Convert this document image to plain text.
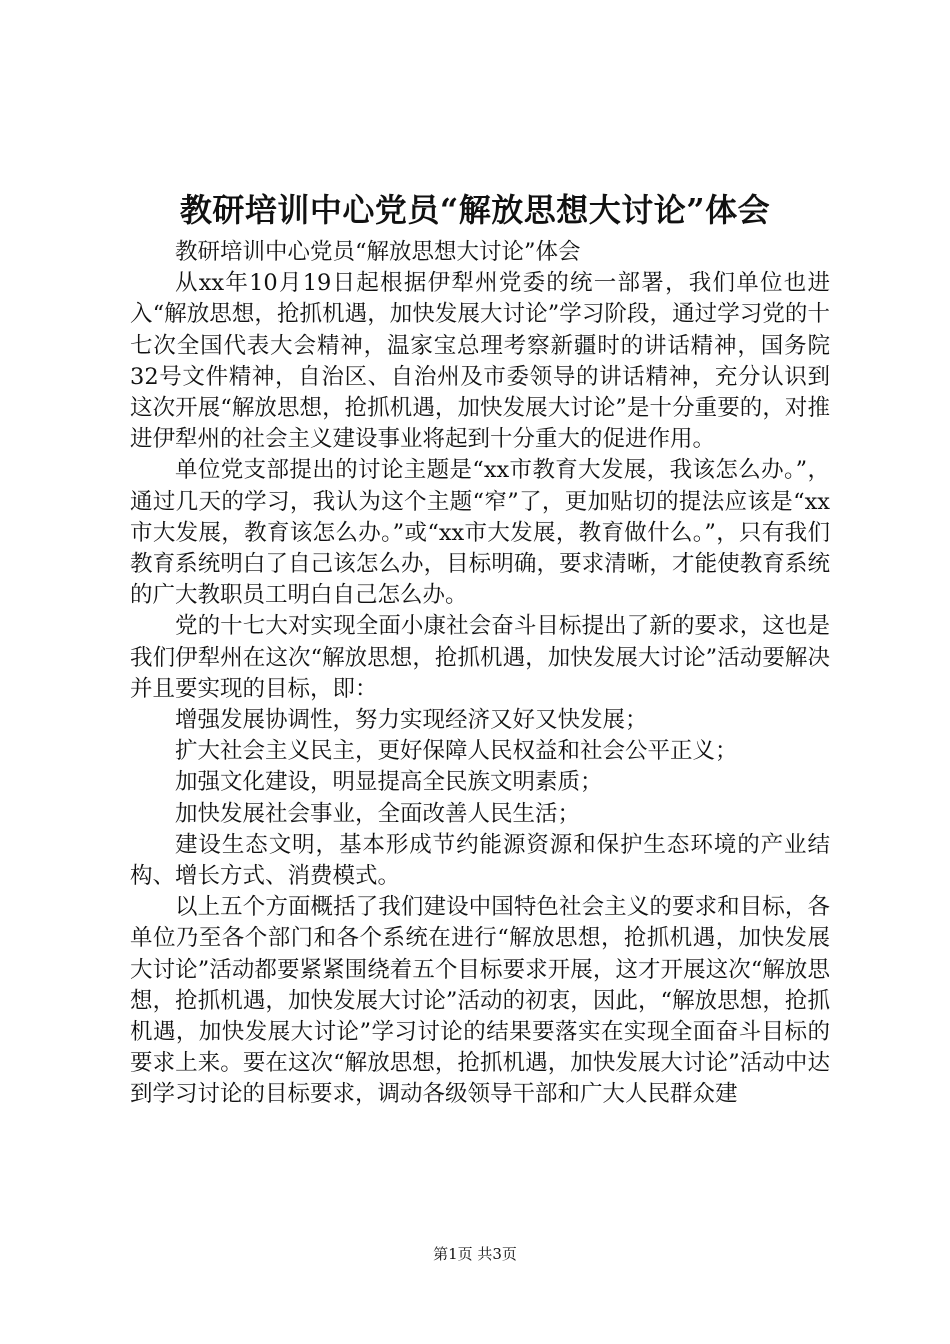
教研培训中心党员“解放思想大讨论”体会

教研培训中心党员“解放思想大讨论”体会

从xx年10月19日起根据伊犁州党委的统一部署，我们单位也进入“解放思想，抢抓机遇，加快发展大讨论”学习阶段，通过学习党的十七次全国代表大会精神，温家宝总理考察新疆时的讲话精神，国务院32号文件精神，自治区、自治州及市委领导的讲话精神，充分认识到这次开展“解放思想，抢抓机遇，加快发展大讨论”是十分重要的，对推进伊犁州的社会主义建设事业将起到十分重大的促进作用。

单位党支部提出的讨论主题是“xx市教育大发展，我该怎么办。”，通过几天的学习，我认为这个主题“窄”了，更加贴切的提法应该是“xx市大发展，教育该怎么办。”或“xx市大发展，教育做什么。”，只有我们教育系统明白了自己该怎么办，目标明确，要求清晰，才能使教育系统的广大教职员工明白自己怎么办。

党的十七大对实现全面小康社会奋斗目标提出了新的要求，这也是我们伊犁州在这次“解放思想，抢抓机遇，加快发展大讨论”活动要解决并且要实现的目标，即：

增强发展协调性，努力实现经济又好又快发展；

扩大社会主义民主，更好保障人民权益和社会公平正义；

加强文化建设，明显提高全民族文明素质；

加快发展社会事业，全面改善人民生活；

建设生态文明，基本形成节约能源资源和保护生态环境的产业结构、增长方式、消费模式。

以上五个方面概括了我们建设中国特色社会主义的要求和目标，各单位乃至各个部门和各个系统在进行“解放思想，抢抓机遇，加快发展大讨论”活动都要紧紧围绕着五个目标要求开展，这才开展这次“解放思想，抢抓机遇，加快发展大讨论”活动的初衷，因此，“解放思想，抢抓机遇，加快发展大讨论”学习讨论的结果要落实在实现全面奋斗目标的要求上来。要在这次“解放思想，抢抓机遇，加快发展大讨论”活动中达到学习讨论的目标要求，调动各级领导干部和广大人民群众建

第1页 共3页
